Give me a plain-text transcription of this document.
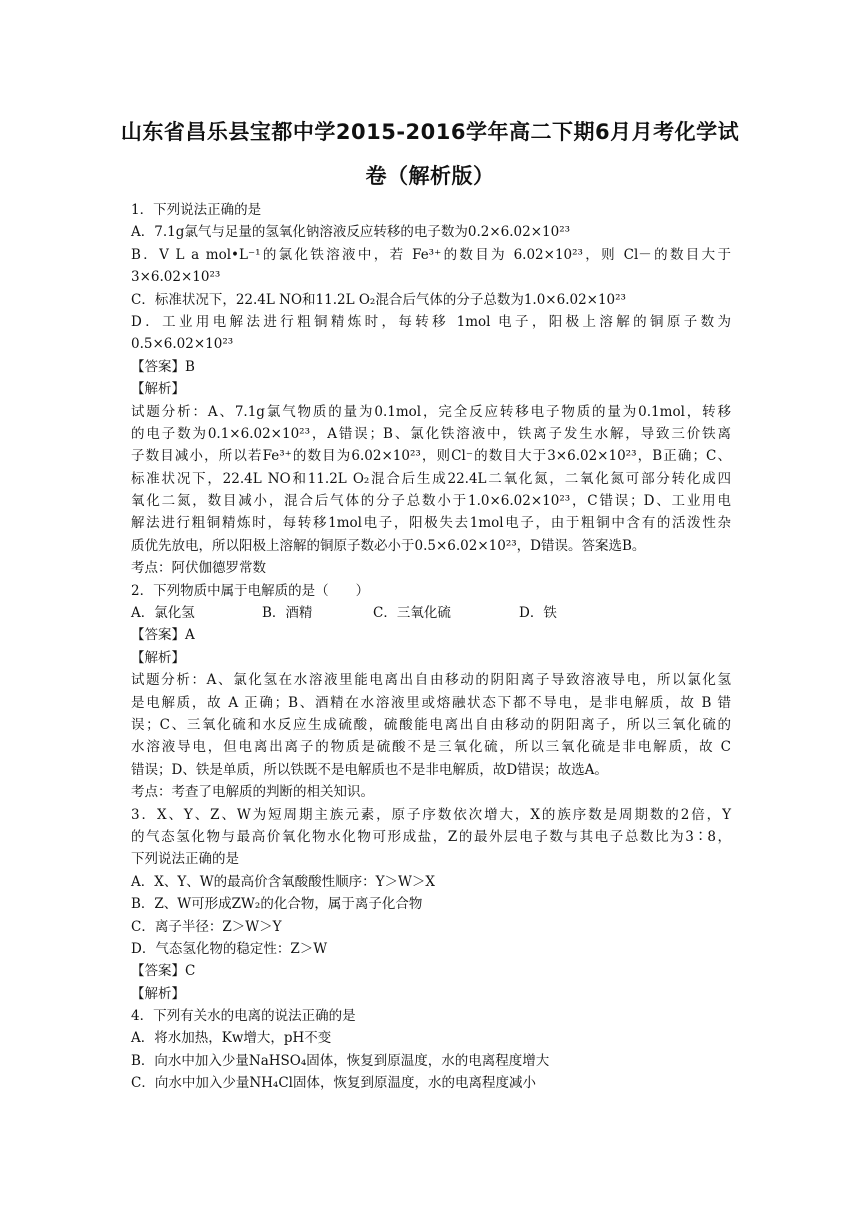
山东省昌乐县宝都中学2015-2016学年高二下期6月月考化学试
卷（解析版）
1．下列说法正确的是
A．7.1g氯气与足量的氢氧化钠溶液反应转移的电子数为0.2×6.02×10²³
B．V L a mol•L⁻¹的氯化铁溶液中，若 Fe³⁺的数目为 6.02×10²³，则 Cl－的数目大于
3×6.02×10²³
C．标准状况下，22.4L NO和11.2L O₂混合后气体的分子总数为1.0×6.02×10²³
D．工业用电解法进行粗铜精炼时，每转移 1mol 电子，阳极上溶解的铜原子数为
0.5×6.02×10²³
【答案】B
【解析】
试题分析：A、7.1g氯气物质的量为0.1mol，完全反应转移电子物质的量为0.1mol，转移
的电子数为0.1×6.02×10²³，A错误；B、氯化铁溶液中，铁离子发生水解，导致三价铁离
子数目减小，所以若Fe³⁺的数目为6.02×10²³，则Cl⁻的数目大于3×6.02×10²³，B正确；C、
标准状况下，22.4L NO和11.2L O₂混合后生成22.4L二氧化氮，二氧化氮可部分转化成四
氧化二氮，数目减小，混合后气体的分子总数小于1.0×6.02×10²³，C错误；D、工业用电
解法进行粗铜精炼时，每转移1mol电子，阳极失去1mol电子，由于粗铜中含有的活泼性杂
质优先放电，所以阳极上溶解的铜原子数必小于0.5×6.02×10²³，D错误。答案选B。
考点：阿伏伽德罗常数
2．下列物质中属于电解质的是（　　）
A．氯化氢	B．酒精	C．三氧化硫	D．铁
【答案】A
【解析】
试题分析：A、氯化氢在水溶液里能电离出自由移动的阴阳离子导致溶液导电，所以氯化氢
是电解质，故 A 正确；B、酒精在水溶液里或熔融状态下都不导电，是非电解质，故 B 错
误；C、三氧化硫和水反应生成硫酸，硫酸能电离出自由移动的阴阳离子，所以三氧化硫的
水溶液导电，但电离出离子的物质是硫酸不是三氧化硫，所以三氧化硫是非电解质，故 C
错误；D、铁是单质，所以铁既不是电解质也不是非电解质，故D错误；故选A。
考点：考查了电解质的判断的相关知识。
3．X、Y、Z、W为短周期主族元素，原子序数依次增大，X的族序数是周期数的2倍，Y
的气态氢化物与最高价氧化物水化物可形成盐，Z的最外层电子数与其电子总数比为3∶8，
下列说法正确的是
A．X、Y、W的最高价含氧酸酸性顺序：Y＞W＞X
B．Z、W可形成ZW₂的化合物，属于离子化合物
C．离子半径：Z＞W＞Y
D．气态氢化物的稳定性：Z＞W
【答案】C
【解析】
4．下列有关水的电离的说法正确的是
A．将水加热，Kw增大，pH不变
B．向水中加入少量NaHSO₄固体，恢复到原温度，水的电离程度增大
C．向水中加入少量NH₄Cl固体，恢复到原温度，水的电离程度减小
